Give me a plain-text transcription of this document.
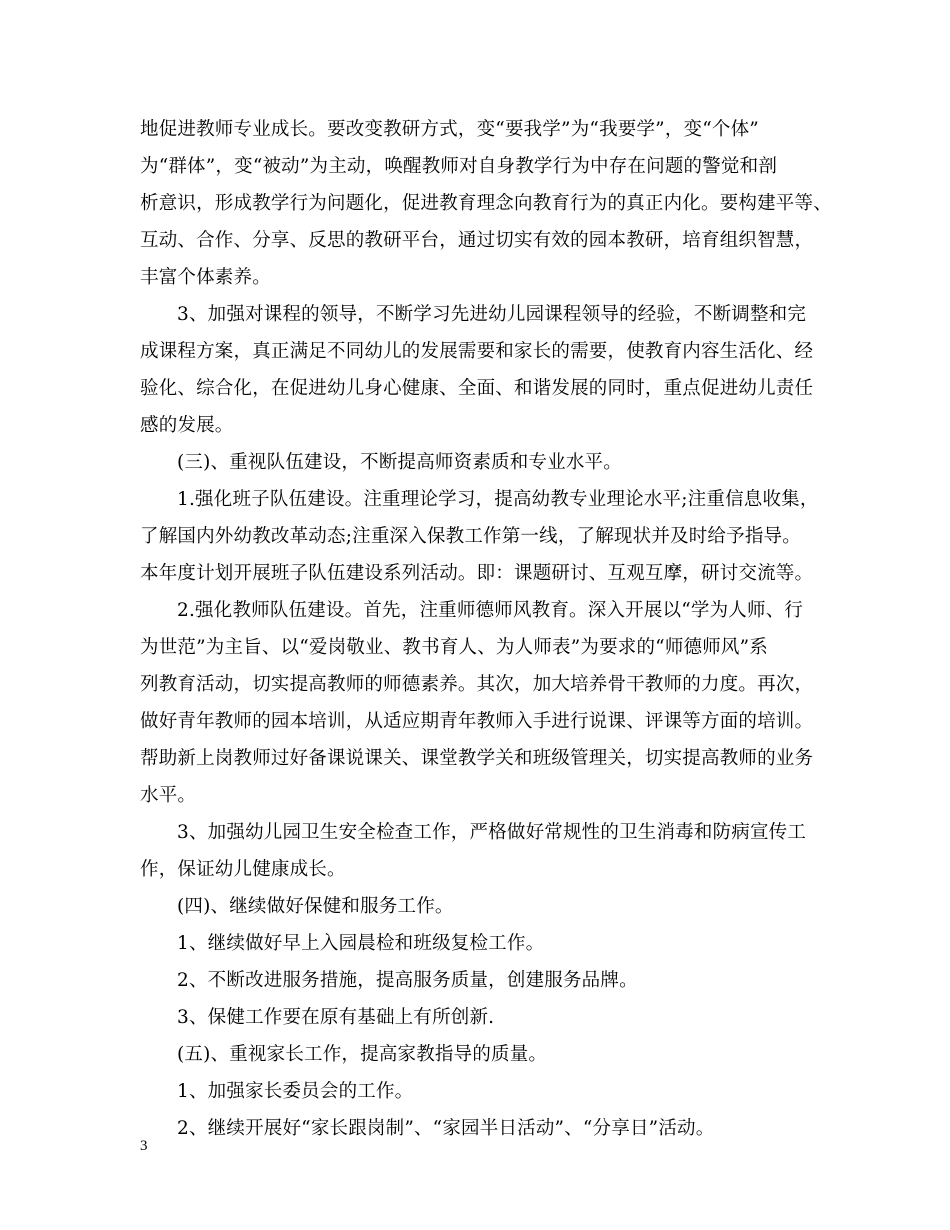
地促进教师专业成长。要改变教研方式，变“要我学”为“我要学”，变“个体”
为“群体”，变“被动”为主动，唤醒教师对自身教学行为中存在问题的警觉和剖
析意识，形成教学行为问题化，促进教育理念向教育行为的真正内化。要构建平等、
互动、合作、分享、反思的教研平台，通过切实有效的园本教研，培育组织智慧，
丰富个体素养。
3、加强对课程的领导，不断学习先进幼儿园课程领导的经验，不断调整和完
成课程方案，真正满足不同幼儿的发展需要和家长的需要，使教育内容生活化、经
验化、综合化，在促进幼儿身心健康、全面、和谐发展的同时，重点促进幼儿责任
感的发展。
(三)、重视队伍建设，不断提高师资素质和专业水平。
1.强化班子队伍建设。注重理论学习，提高幼教专业理论水平;注重信息收集，
了解国内外幼教改革动态;注重深入保教工作第一线，了解现状并及时给予指导。
本年度计划开展班子队伍建设系列活动。即：课题研讨、互观互摩，研讨交流等。
2.强化教师队伍建设。首先，注重师德师风教育。深入开展以“学为人师、行
为世范”为主旨、以“爱岗敬业、教书育人、为人师表”为要求的“师德师风”系
列教育活动，切实提高教师的师德素养。其次，加大培养骨干教师的力度。再次，
做好青年教师的园本培训，从适应期青年教师入手进行说课、评课等方面的培训。
帮助新上岗教师过好备课说课关、课堂教学关和班级管理关，切实提高教师的业务
水平。
3、加强幼儿园卫生安全检查工作，严格做好常规性的卫生消毒和防病宣传工
作，保证幼儿健康成长。
(四)、继续做好保健和服务工作。
1、继续做好早上入园晨检和班级复检工作。
2、不断改进服务措施，提高服务质量，创建服务品牌。
3、保健工作要在原有基础上有所创新.
(五)、重视家长工作，提高家教指导的质量。
1、加强家长委员会的工作。
2、继续开展好“家长跟岗制”、“家园半日活动”、“分享日”活动。
3
